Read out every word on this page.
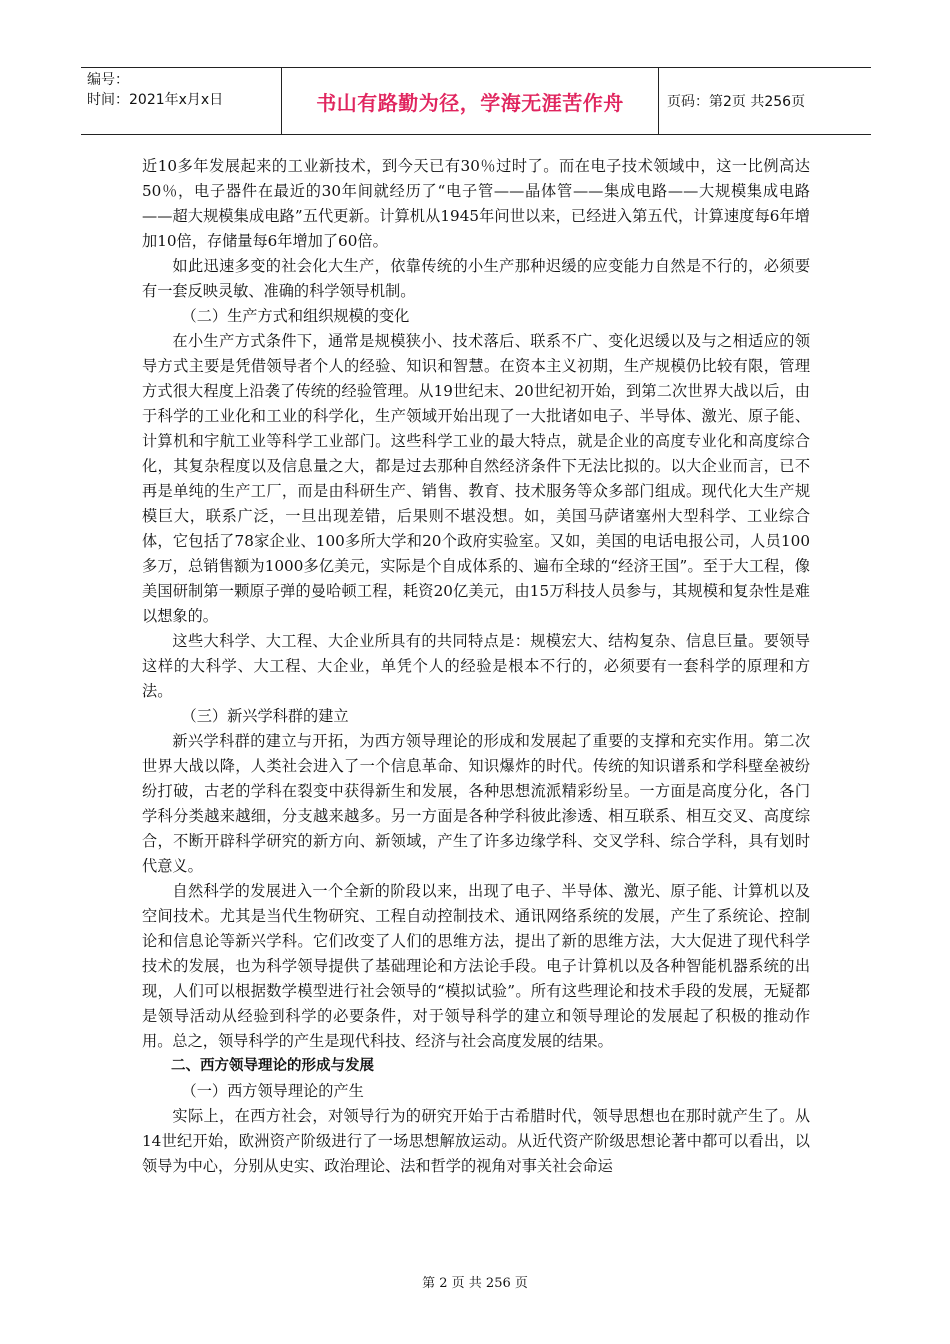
编号：
时间：2021年x月x日	书山有路勤为径，学海无涯苦作舟	页码：第2页 共256页

近10多年发展起来的工业新技术，到今天已有30％过时了。而在电子技术领域中，这一比例高达50％，电子器件在最近的30年间就经历了“电子管——晶体管——集成电路——大规模集成电路——超大规模集成电路”五代更新。计算机从1945年问世以来，已经进入第五代，计算速度每6年增加10倍，存储量每6年增加了60倍。

如此迅速多变的社会化大生产，依靠传统的小生产那种迟缓的应变能力自然是不行的，必须要有一套反映灵敏、准确的科学领导机制。

（二）生产方式和组织规模的变化

在小生产方式条件下，通常是规模狭小、技术落后、联系不广、变化迟缓以及与之相适应的领导方式主要是凭借领导者个人的经验、知识和智慧。在资本主义初期，生产规模仍比较有限，管理方式很大程度上沿袭了传统的经验管理。从19世纪末、20世纪初开始，到第二次世界大战以后，由于科学的工业化和工业的科学化，生产领域开始出现了一大批诸如电子、半导体、激光、原子能、计算机和宇航工业等科学工业部门。这些科学工业的最大特点，就是企业的高度专业化和高度综合化，其复杂程度以及信息量之大，都是过去那种自然经济条件下无法比拟的。以大企业而言，已不再是单纯的生产工厂，而是由科研生产、销售、教育、技术服务等众多部门组成。现代化大生产规模巨大，联系广泛，一旦出现差错，后果则不堪没想。如，美国马萨诸塞州大型科学、工业综合体，它包括了78家企业、100多所大学和20个政府实验室。又如，美国的电话电报公司，人员100多万，总销售额为1000多亿美元，实际是个自成体系的、遍布全球的“经济王国”。至于大工程，像美国研制第一颗原子弹的曼哈顿工程，耗资20亿美元，由15万科技人员参与，其规模和复杂性是难以想象的。

这些大科学、大工程、大企业所具有的共同特点是：规模宏大、结构复杂、信息巨量。要领导这样的大科学、大工程、大企业，单凭个人的经验是根本不行的，必须要有一套科学的原理和方法。

（三）新兴学科群的建立

新兴学科群的建立与开拓，为西方领导理论的形成和发展起了重要的支撑和充实作用。第二次世界大战以降，人类社会进入了一个信息革命、知识爆炸的时代。传统的知识谱系和学科壁垒被纷纷打破，古老的学科在裂变中获得新生和发展，各种思想流派精彩纷呈。一方面是高度分化，各门学科分类越来越细，分支越来越多。另一方面是各种学科彼此渗透、相互联系、相互交叉、高度综合，不断开辟科学研究的新方向、新领域，产生了许多边缘学科、交叉学科、综合学科，具有划时代意义。

自然科学的发展进入一个全新的阶段以来，出现了电子、半导体、激光、原子能、计算机以及空间技术。尤其是当代生物研究、工程自动控制技术、通讯网络系统的发展，产生了系统论、控制论和信息论等新兴学科。它们改变了人们的思维方法，提出了新的思维方法，大大促进了现代科学技术的发展，也为科学领导提供了基础理论和方法论手段。电子计算机以及各种智能机器系统的出现，人们可以根据数学模型进行社会领导的“模拟试验”。所有这些理论和技术手段的发展，无疑都是领导活动从经验到科学的必要条件，对于领导科学的建立和领导理论的发展起了积极的推动作用。总之，领导科学的产生是现代科技、经济与社会高度发展的结果。

二、西方领导理论的形成与发展

（一）西方领导理论的产生

实际上，在西方社会，对领导行为的研究开始于古希腊时代，领导思想也在那时就产生了。从14世纪开始，欧洲资产阶级进行了一场思想解放运动。从近代资产阶级思想论著中都可以看出，以领导为中心，分别从史实、政治理论、法和哲学的视角对事关社会命运

第 2 页 共 256 页
